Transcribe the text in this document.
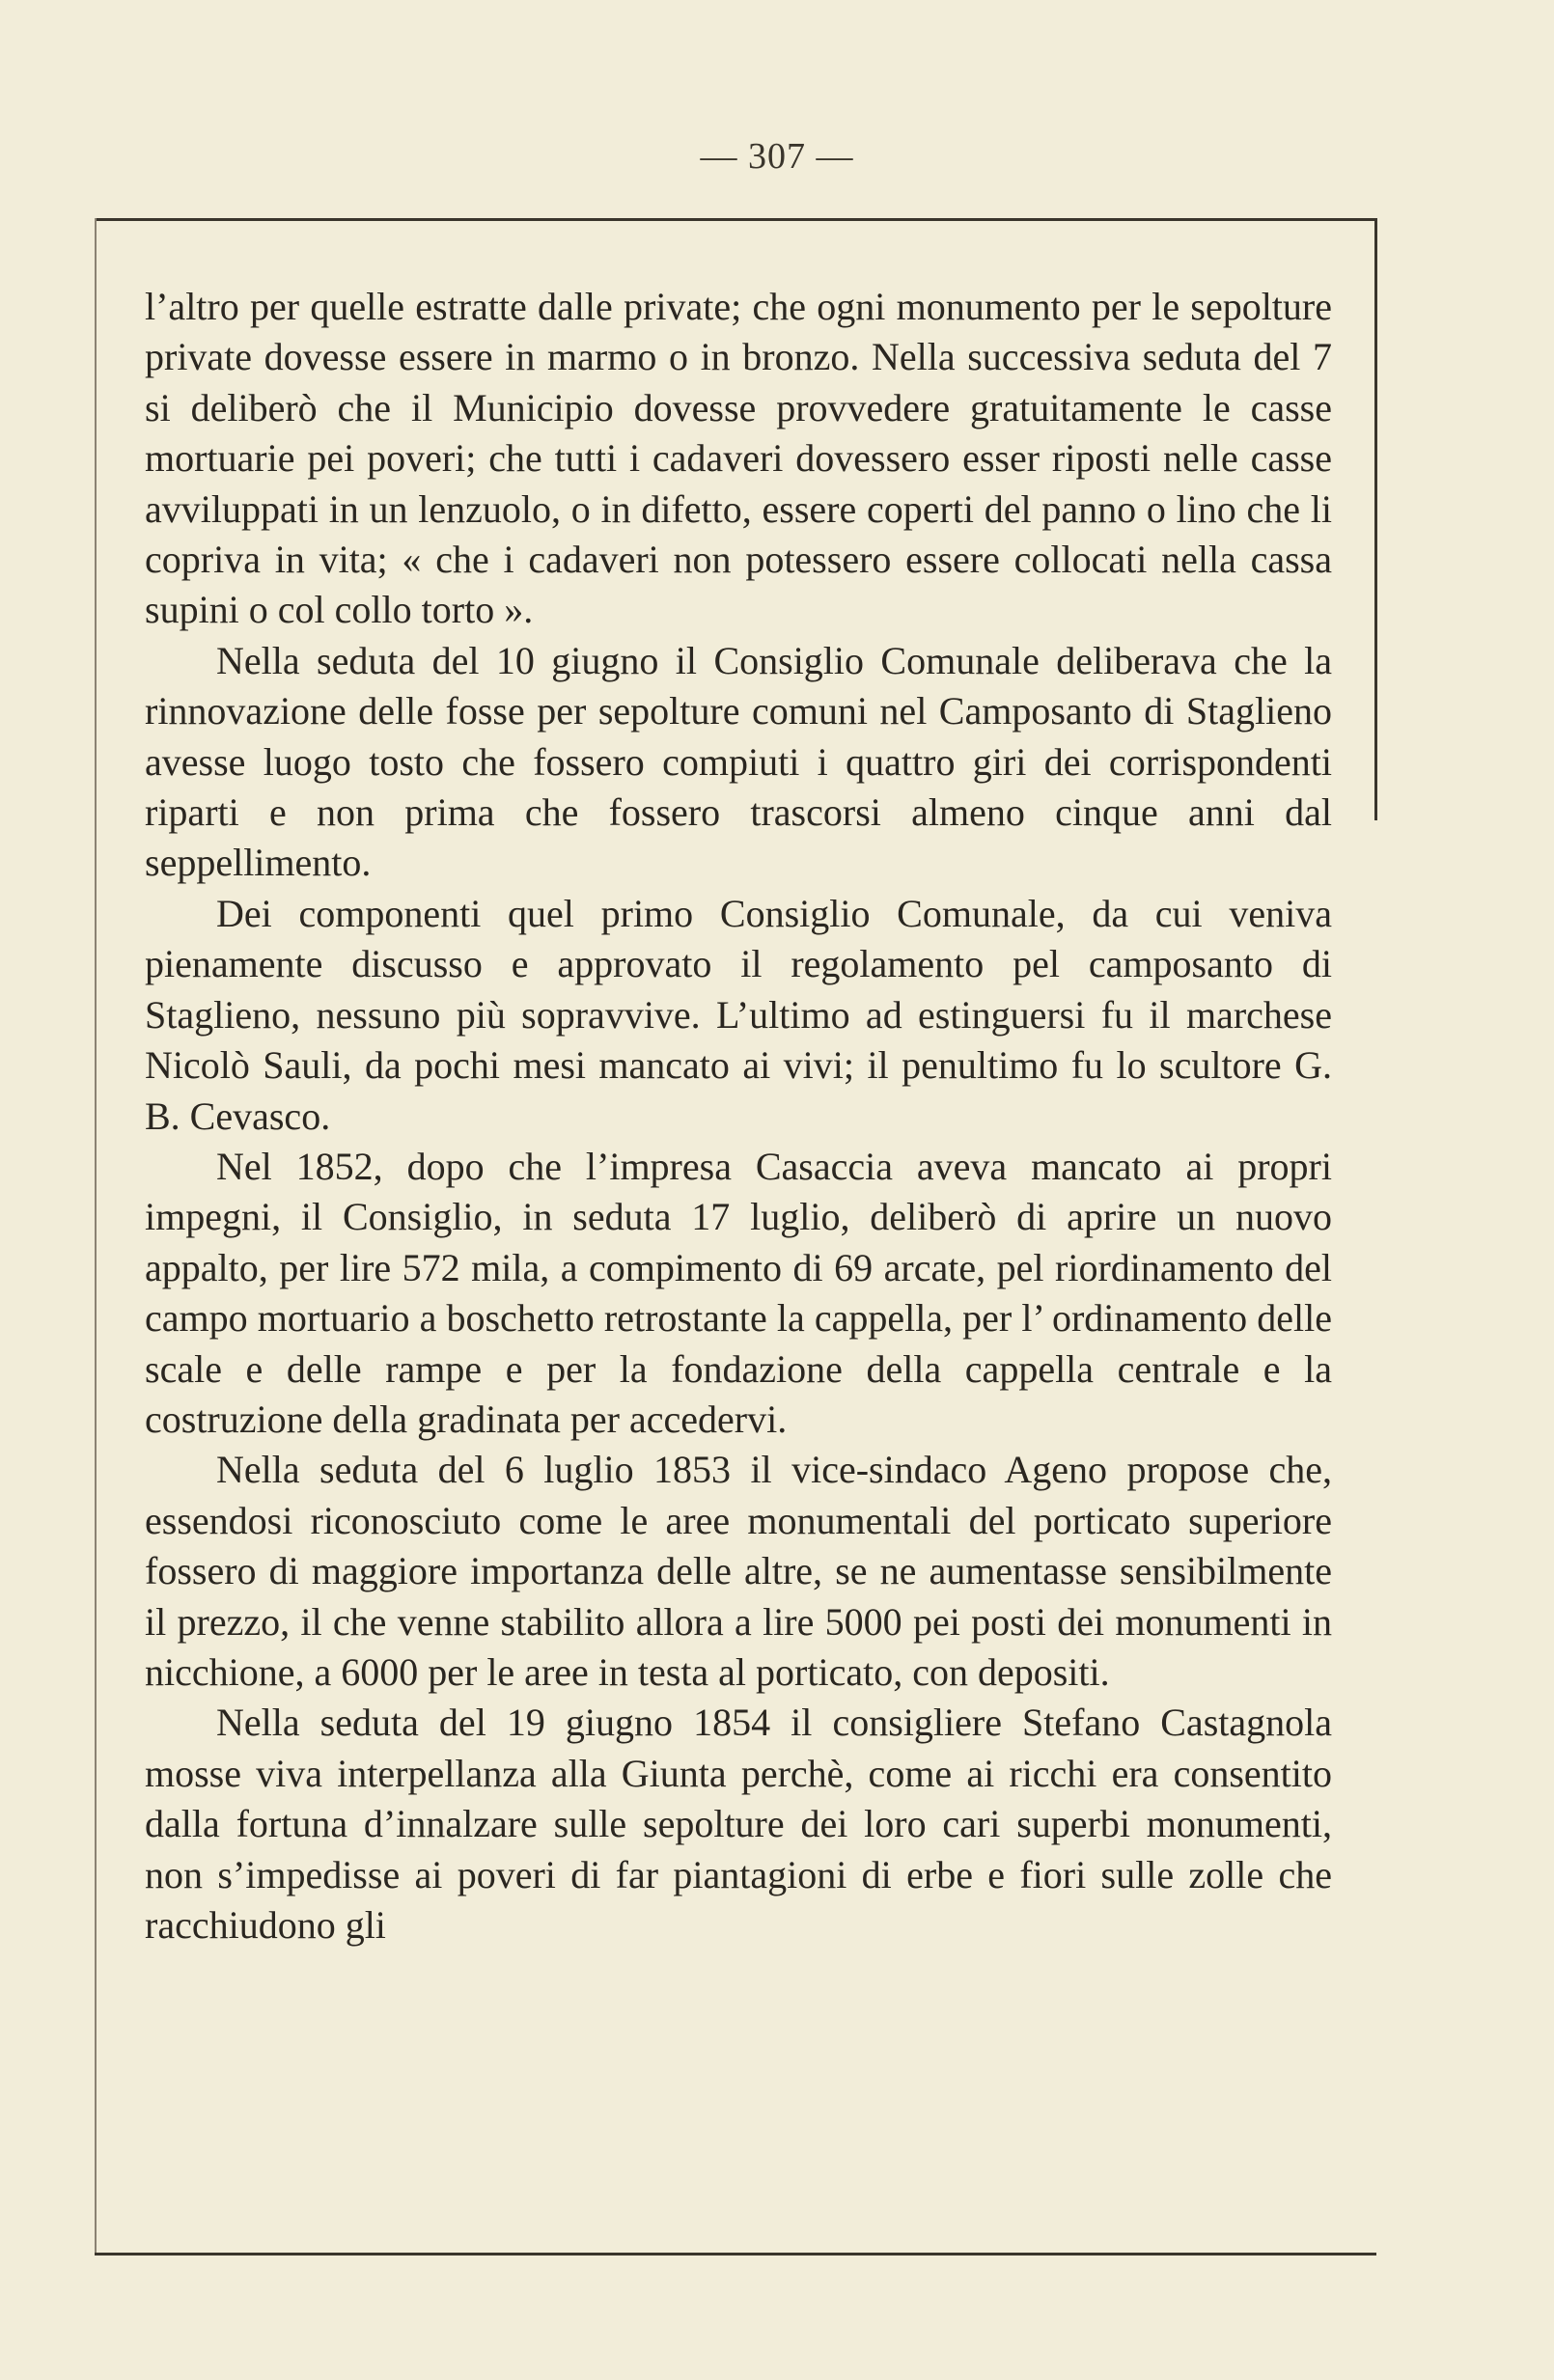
— 307 —

l’altro per quelle estratte dalle private; che ogni monumento per le sepolture private dovesse essere in marmo o in bronzo. Nella successiva seduta del 7 si deliberò che il Municipio dovesse provvedere gratuitamente le casse mortuarie pei poveri; che tutti i cadaveri dovessero esser riposti nelle casse avviluppati in un lenzuolo, o in difetto, essere coperti del panno o lino che li copriva in vita; « che i cadaveri non potessero essere collocati nella cassa supini o col collo torto ».

Nella seduta del 10 giugno il Consiglio Comunale deliberava che la rinnovazione delle fosse per sepolture comuni nel Camposanto di Staglieno avesse luogo tosto che fossero compiuti i quattro giri dei corrispondenti riparti e non prima che fossero trascorsi almeno cinque anni dal seppellimento.

Dei componenti quel primo Consiglio Comunale, da cui veniva pienamente discusso e approvato il regolamento pel camposanto di Staglieno, nessuno più sopravvive. L’ultimo ad estinguersi fu il marchese Nicolò Sauli, da pochi mesi mancato ai vivi; il penultimo fu lo scultore G. B. Cevasco.

Nel 1852, dopo che l’impresa Casaccia aveva mancato ai propri impegni, il Consiglio, in seduta 17 luglio, deliberò di aprire un nuovo appalto, per lire 572 mila, a compimento di 69 arcate, pel riordinamento del campo mortuario a boschetto retrostante la cappella, per l’ ordinamento delle scale e delle rampe e per la fondazione della cappella centrale e la costruzione della gradinata per accedervi.

Nella seduta del 6 luglio 1853 il vice-sindaco Ageno propose che, essendosi riconosciuto come le aree monumentali del porticato superiore fossero di maggiore importanza delle altre, se ne aumentasse sensibilmente il prezzo, il che venne stabilito allora a lire 5000 pei posti dei monumenti in nicchione, a 6000 per le aree in testa al porticato, con depositi.

Nella seduta del 19 giugno 1854 il consigliere Stefano Castagnola mosse viva interpellanza alla Giunta perchè, come ai ricchi era consentito dalla fortuna d’innalzare sulle sepolture dei loro cari superbi monumenti, non s’impedisse ai poveri di far piantagioni di erbe e fiori sulle zolle che racchiudono gli
